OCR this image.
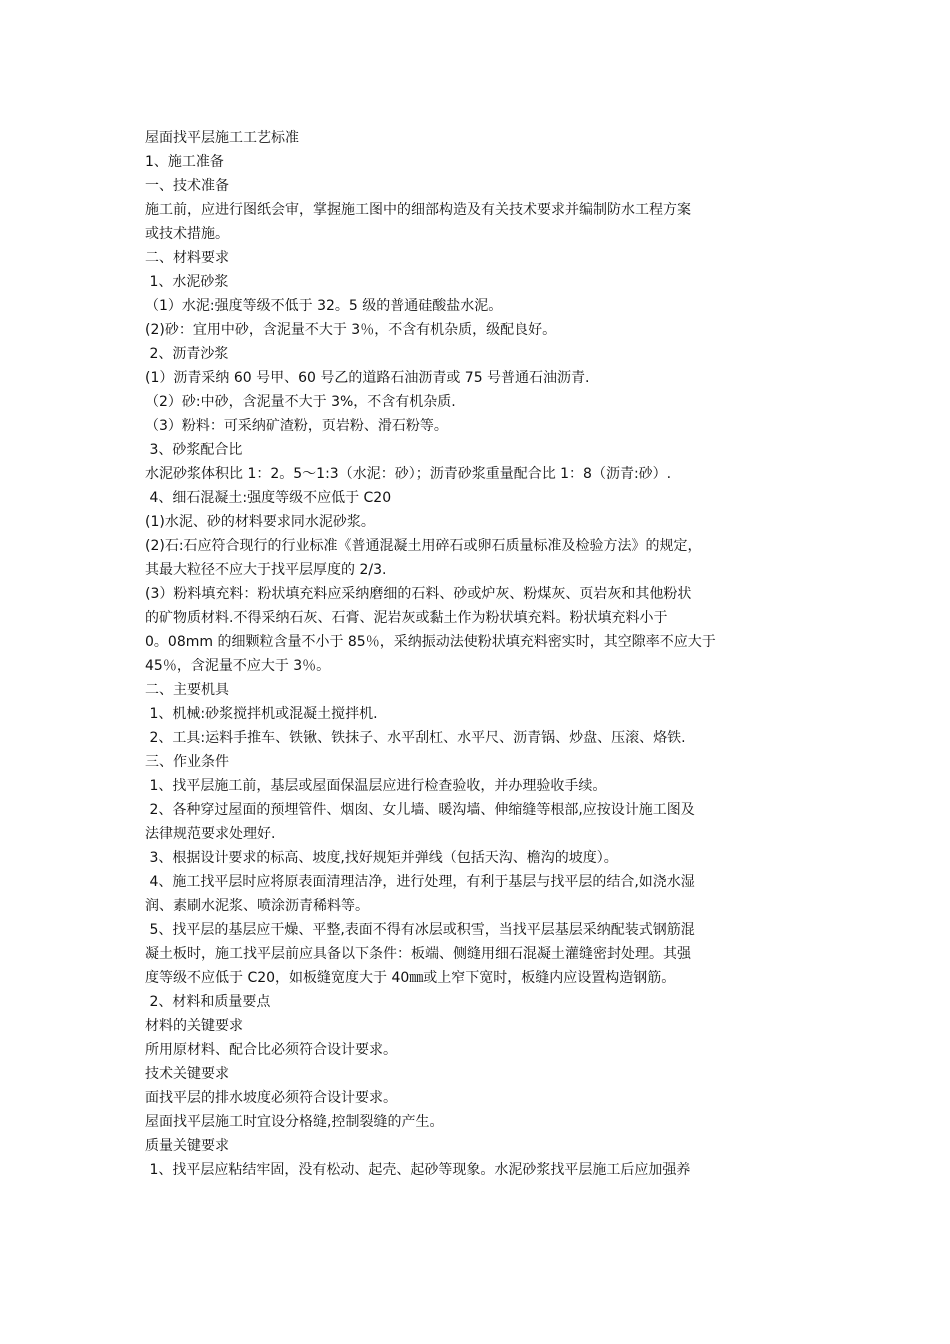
屋面找平层施工工艺标准
1、施工准备
一、技术准备
施工前，应进行图纸会审，掌握施工图中的细部构造及有关技术要求并编制防水工程方案
或技术措施。
二、材料要求
1、水泥砂浆
（1）水泥:强度等级不低于 32。5 级的普通硅酸盐水泥。
(2)砂：宜用中砂，含泥量不大于 3％，不含有机杂质，级配良好。
2、沥青沙浆
(1）沥青采纳 60 号甲、60 号乙的道路石油沥青或 75 号普通石油沥青.
（2）砂:中砂，含泥量不大于 3%，不含有机杂质.
（3）粉料：可采纳矿渣粉，页岩粉、滑石粉等。
3、砂浆配合比
水泥砂浆体积比 1：2。5～1:3（水泥：砂）；沥青砂浆重量配合比 1：8（沥青:砂）.
4、细石混凝土:强度等级不应低于 C20
(1)水泥、砂的材料要求同水泥砂浆。
(2)石:石应符合现行的行业标准《普通混凝土用碎石或卵石质量标准及检验方法》的规定，
其最大粒径不应大于找平层厚度的 2/3.
(3）粉料填充料：粉状填充料应采纳磨细的石料、砂或炉灰、粉煤灰、页岩灰和其他粉状
的矿物质材料.不得采纳石灰、石膏、泥岩灰或黏土作为粉状填充料。粉状填充料小于
0。08mm 的细颗粒含量不小于 85％，采纳振动法使粉状填充料密实时，其空隙率不应大于
45％，含泥量不应大于 3％。
二、主要机具
1、机械:砂浆搅拌机或混凝土搅拌机.
2、工具:运料手推车、铁锹、铁抹子、水平刮杠、水平尺、沥青锅、炒盘、压滚、烙铁.
三、作业条件
1、找平层施工前，基层或屋面保温层应进行检查验收，并办理验收手续。
2、各种穿过屋面的预埋管件、烟囱、女儿墙、暖沟墙、伸缩缝等根部,应按设计施工图及
法律规范要求处理好.
3、根据设计要求的标高、坡度,找好规矩并弹线（包括天沟、檐沟的坡度）。
4、施工找平层时应将原表面清理洁净，进行处理，有利于基层与找平层的结合,如浇水湿
润、素刷水泥浆、喷涂沥青稀料等。
5、找平层的基层应干燥、平整,表面不得有冰层或积雪，当找平层基层采纳配装式钢筋混
凝土板时，施工找平层前应具备以下条件：板端、侧缝用细石混凝土灌缝密封处理。其强
度等级不应低于 C20，如板缝宽度大于 40㎜或上窄下宽时，板缝内应设置构造钢筋。
2、材料和质量要点
材料的关键要求
所用原材料、配合比必须符合设计要求。
技术关键要求
面找平层的排水坡度必须符合设计要求。
屋面找平层施工时宜设分格缝,控制裂缝的产生。
质量关键要求
1、找平层应粘结牢固，没有松动、起壳、起砂等现象。水泥砂浆找平层施工后应加强养
